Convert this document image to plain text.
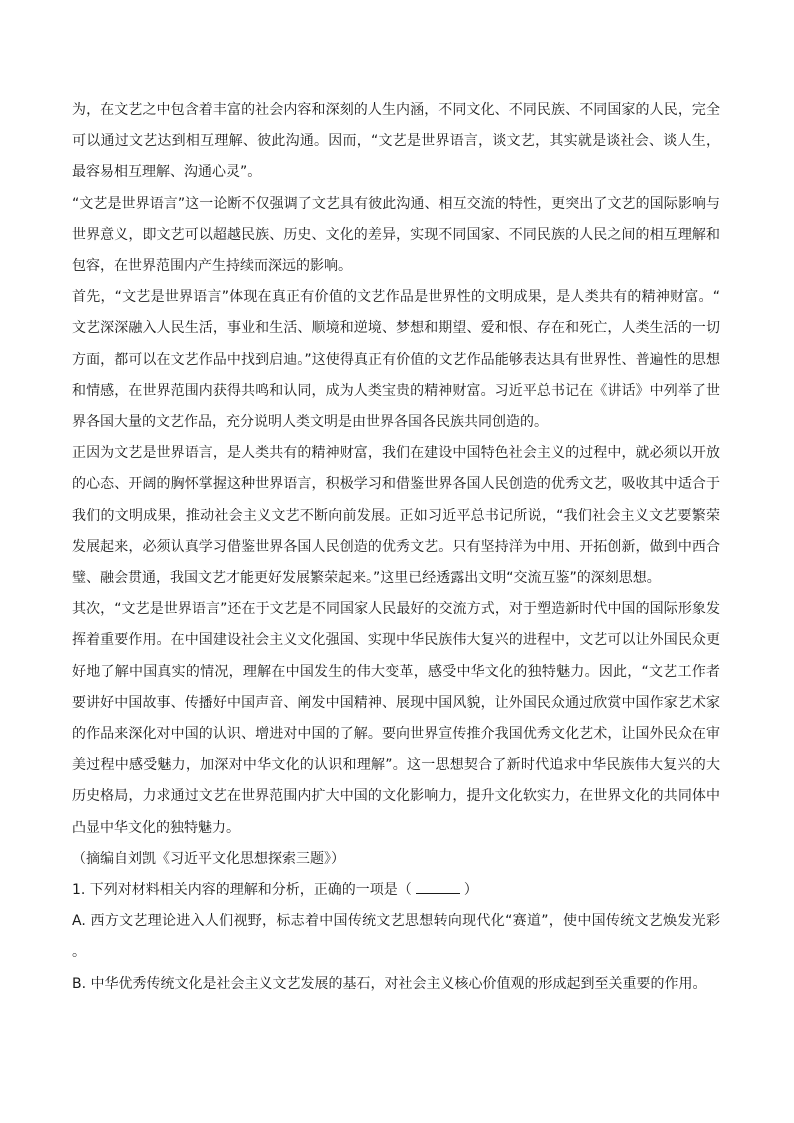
为，在文艺之中包含着丰富的社会内容和深刻的人生内涵，不同文化、不同民族、不同国家的人民，完全可以通过文艺达到相互理解、彼此沟通。因而，“文艺是世界语言，谈文艺，其实就是谈社会、谈人生，最容易相互理解、沟通心灵”。

“文艺是世界语言”这一论断不仅强调了文艺具有彼此沟通、相互交流的特性，更突出了文艺的国际影响与世界意义，即文艺可以超越民族、历史、文化的差异，实现不同国家、不同民族的人民之间的相互理解和包容，在世界范围内产生持续而深远的影响。

首先，“文艺是世界语言”体现在真正有价值的文艺作品是世界性的文明成果，是人类共有的精神财富。“文艺深深融入人民生活，事业和生活、顺境和逆境、梦想和期望、爱和恨、存在和死亡，人类生活的一切方面，都可以在文艺作品中找到启迪。”这使得真正有价值的文艺作品能够表达具有世界性、普遍性的思想和情感，在世界范围内获得共鸣和认同，成为人类宝贵的精神财富。习近平总书记在《讲话》中列举了世界各国大量的文艺作品，充分说明人类文明是由世界各国各民族共同创造的。

正因为文艺是世界语言，是人类共有的精神财富，我们在建设中国特色社会主义的过程中，就必须以开放的心态、开阔的胸怀掌握这种世界语言，积极学习和借鉴世界各国人民创造的优秀文艺，吸收其中适合于我们的文明成果，推动社会主义文艺不断向前发展。正如习近平总书记所说，“我们社会主义文艺要繁荣发展起来，必须认真学习借鉴世界各国人民创造的优秀文艺。只有坚持洋为中用、开拓创新，做到中西合璧、融会贯通，我国文艺才能更好发展繁荣起来。”这里已经透露出文明“交流互鉴”的深刻思想。

其次，“文艺是世界语言”还在于文艺是不同国家人民最好的交流方式，对于塑造新时代中国的国际形象发挥着重要作用。在中国建设社会主义文化强国、实现中华民族伟大复兴的进程中，文艺可以让外国民众更好地了解中国真实的情况，理解在中国发生的伟大变革，感受中华文化的独特魅力。因此，“文艺工作者要讲好中国故事、传播好中国声音、阐发中国精神、展现中国风貌，让外国民众通过欣赏中国作家艺术家的作品来深化对中国的认识、增进对中国的了解。要向世界宣传推介我国优秀文化艺术，让国外民众在审美过程中感受魅力，加深对中华文化的认识和理解”。这一思想契合了新时代追求中华民族伟大复兴的大历史格局，力求通过文艺在世界范围内扩大中国的文化影响力，提升文化软实力，在世界文化的共同体中凸显中华文化的独特魅力。

（摘编自刘凯《习近平文化思想探索三题》）

1. 下列对材料相关内容的理解和分析，正确的一项是（	）

A. 西方文艺理论进入人们视野，标志着中国传统文艺思想转向现代化“赛道”，使中国传统文艺焕发光彩。

B. 中华优秀传统文化是社会主义文艺发展的基石，对社会主义核心价值观的形成起到至关重要的作用。
